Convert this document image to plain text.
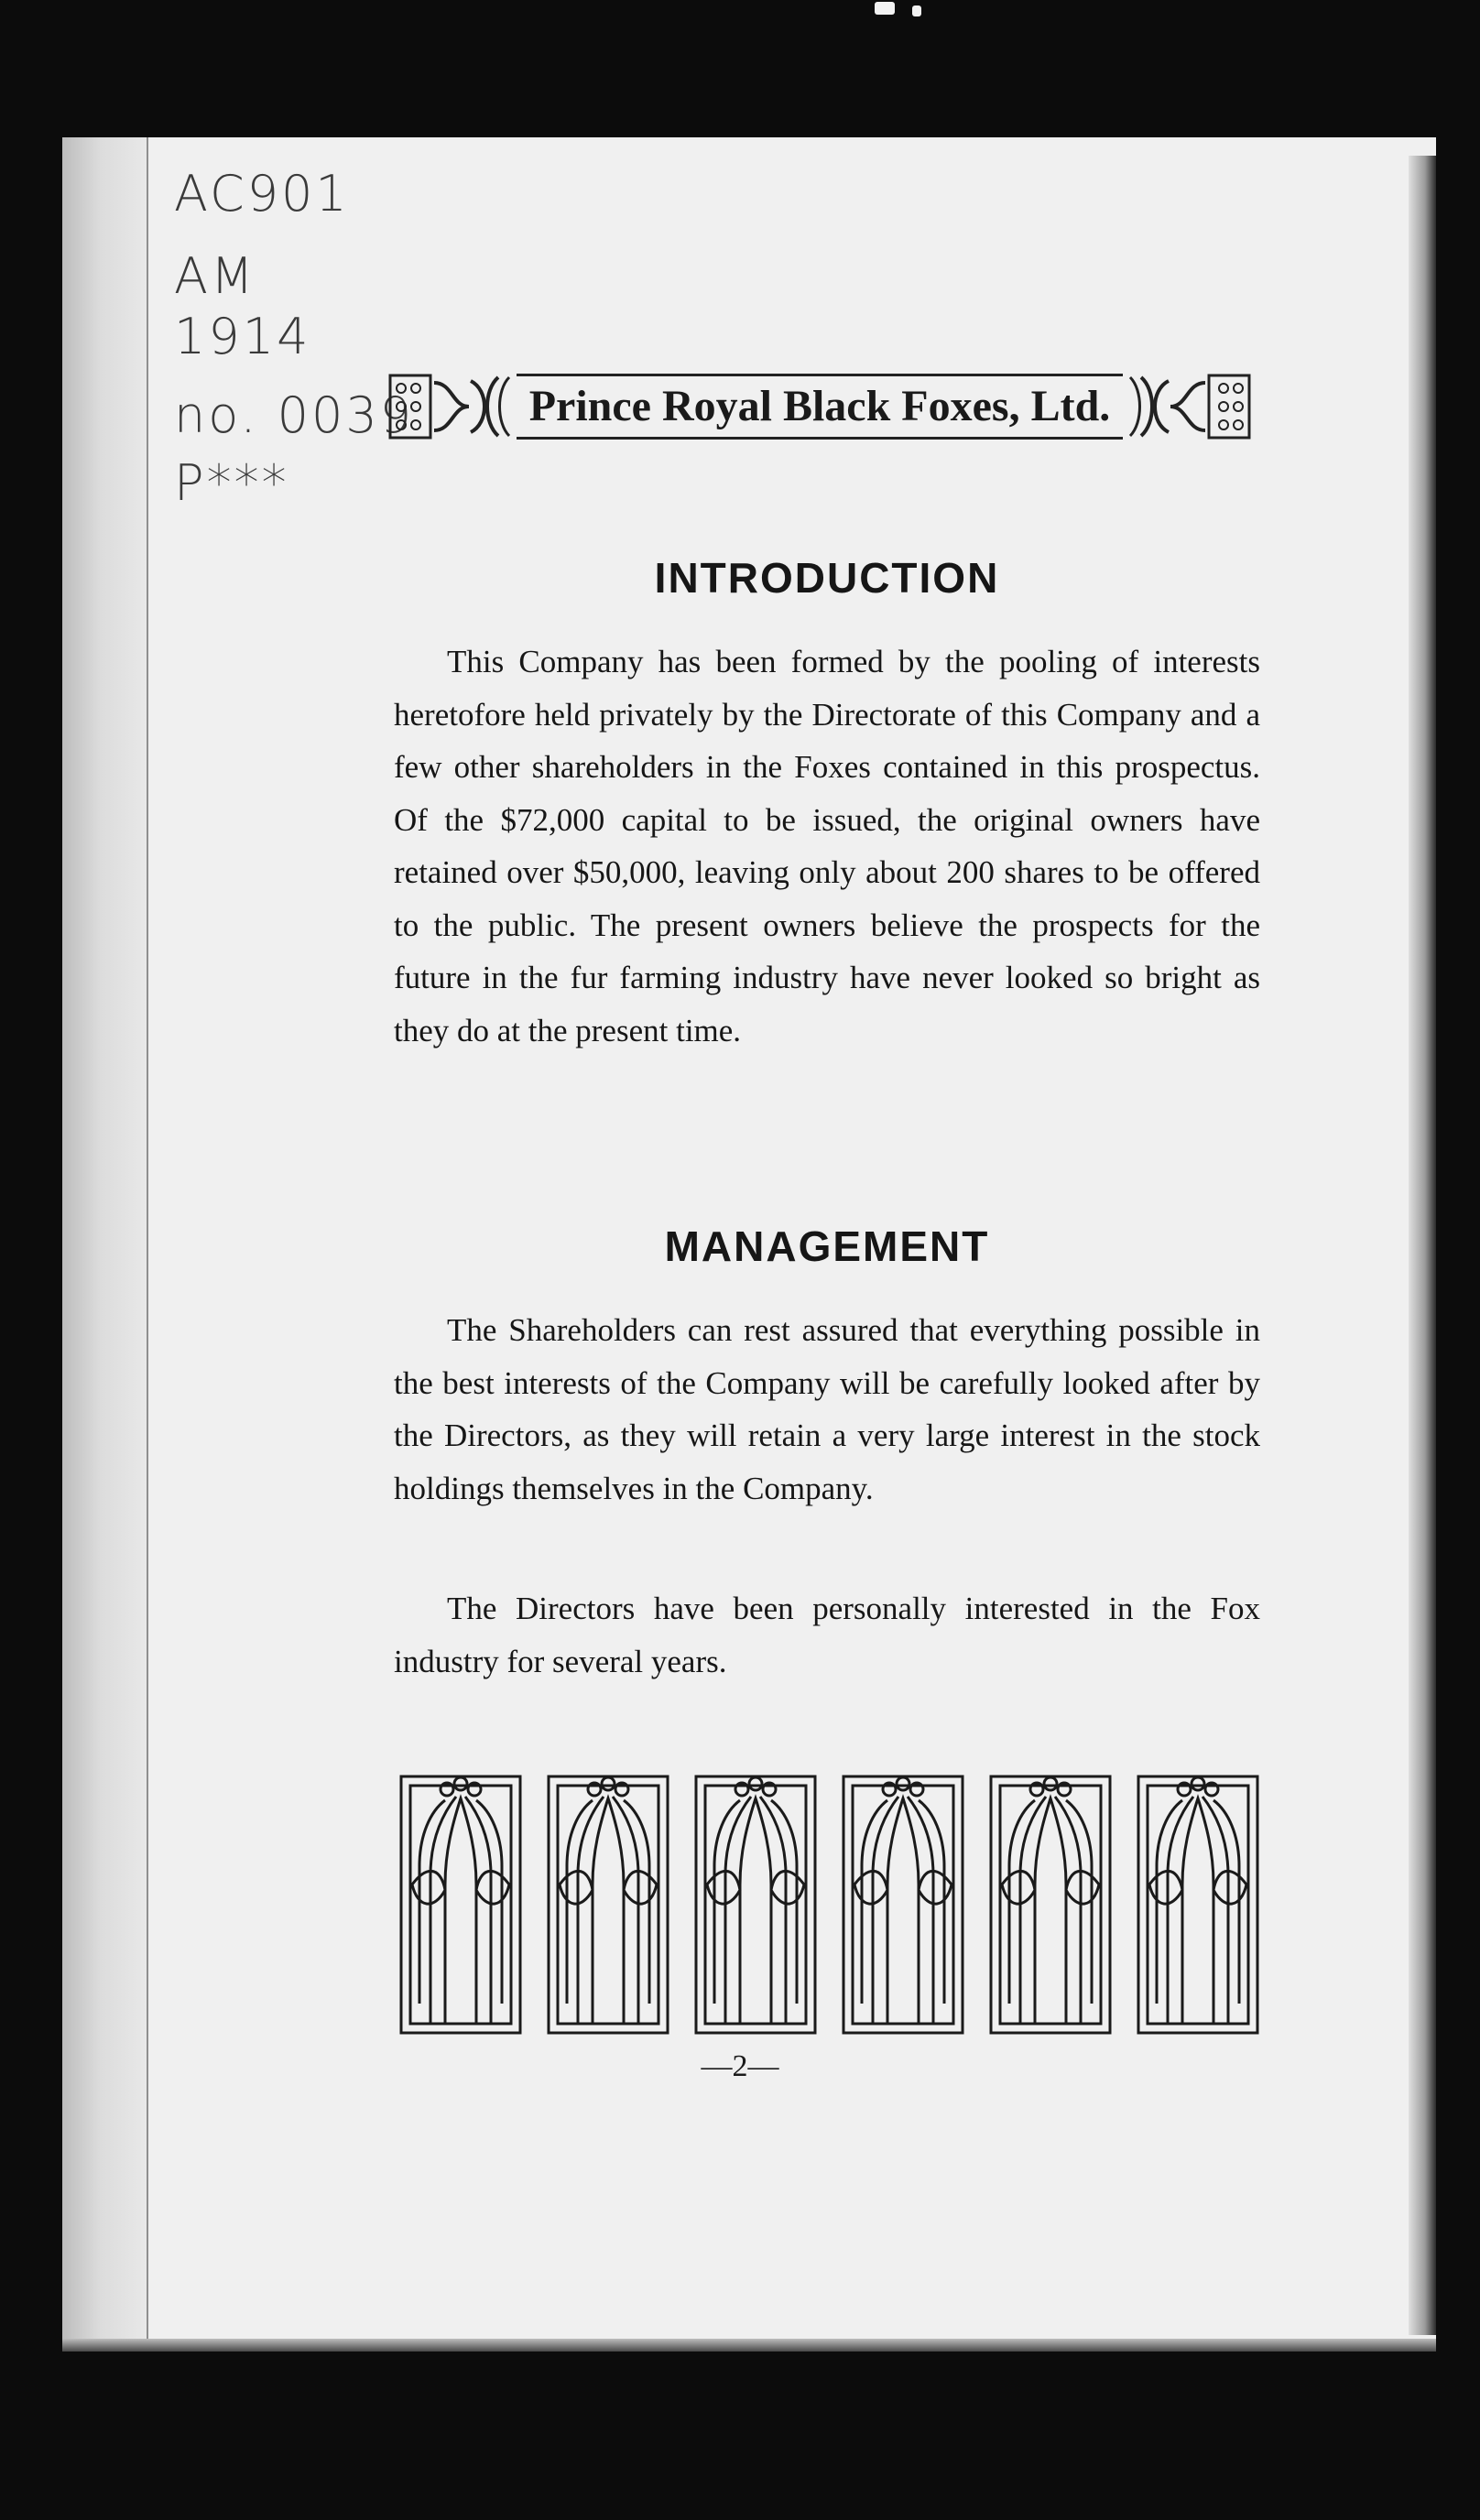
AC901
AM
1914
no. 0039
P***
Prince Royal Black Foxes, Ltd.
INTRODUCTION

This Company has been formed by the pooling of interests heretofore held privately by the Directorate of this Company and a few other shareholders in the Foxes contained in this prospectus. Of the $72,000 capital to be issued, the original owners have retained over $50,000, leaving only about 200 shares to be offered to the public. The present owners believe the prospects for the future in the fur farming industry have never looked so bright as they do at the present time.

MANAGEMENT

The Shareholders can rest assured that everything possible in the best interests of the Company will be carefully looked after by the Directors, as they will retain a very large interest in the stock holdings themselves in the Company.

The Directors have been personally interested in the Fox industry for several years.

—2—
